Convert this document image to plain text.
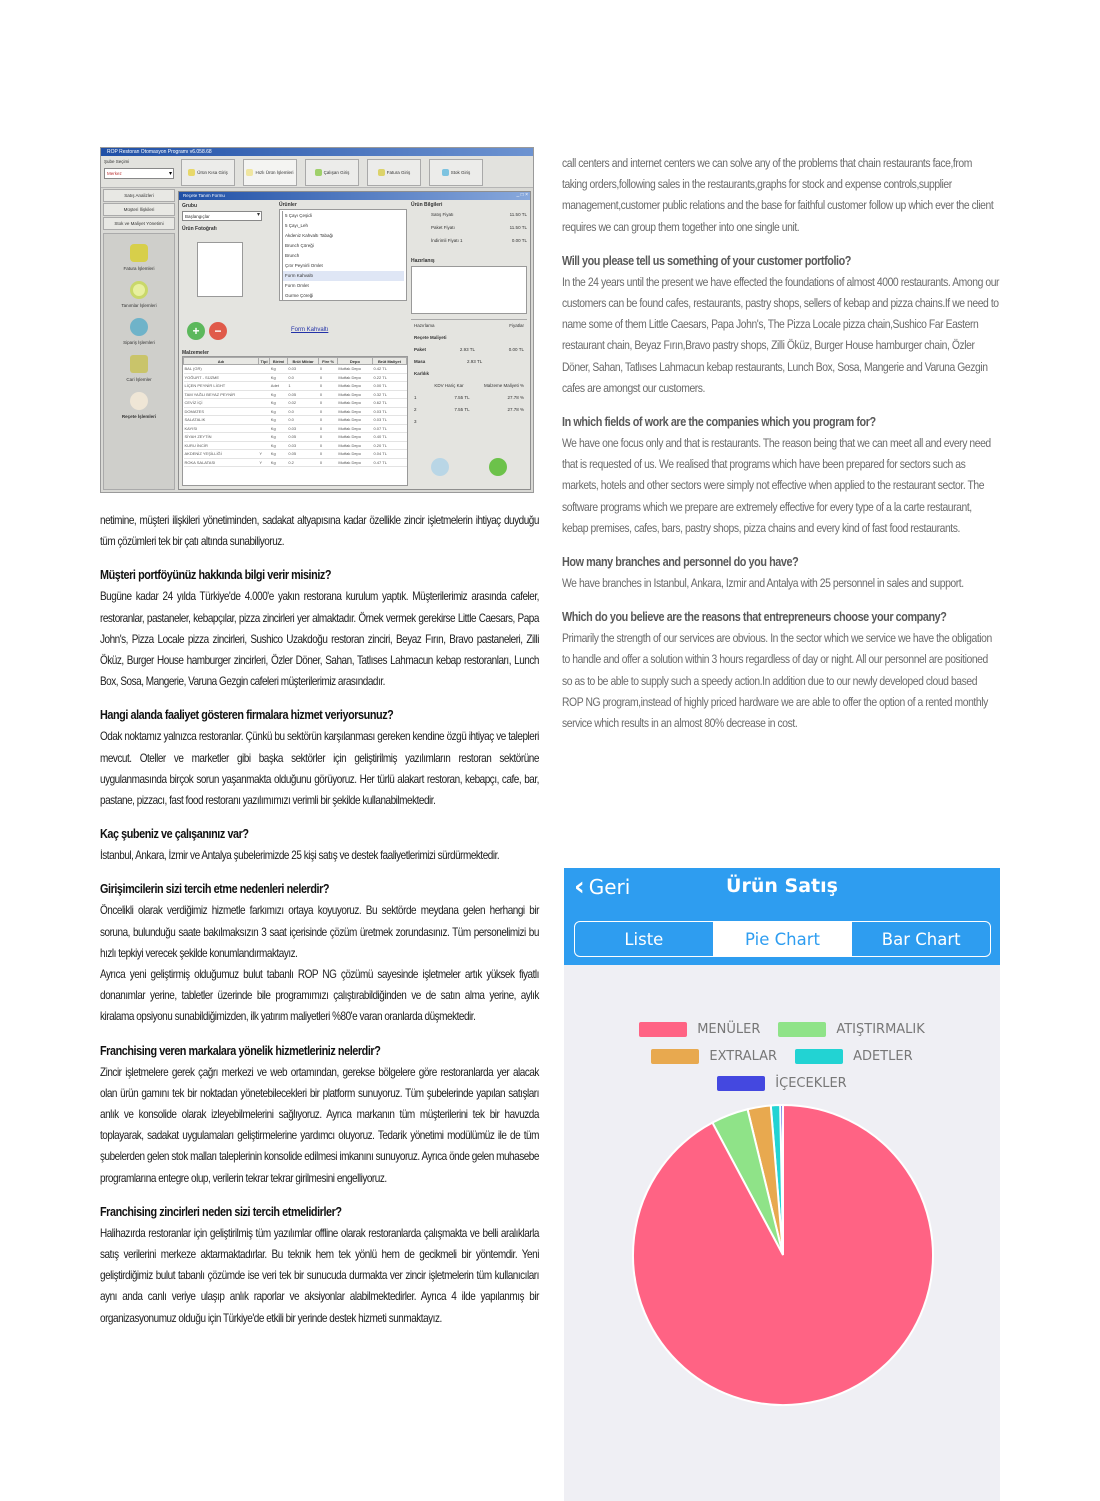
ROP Restoran Otomasyon Programı v6.058.68
Şube Seçimi
Merkez ▾	Ürün Kısa Giriş	Hızlı Ürün İşlemleri	Çalışan Giriş	Fatura Giriş	Stok Giriş
Satış Analizleri
Müşteri İlişkileri
Stok ve Maliyet Yönetimi
Fatura İşlemleri
Tanımlar İşlemleri
Sipariş İşlemleri
Cari İşlemler
Reçete İşlemleri
Reçete Tanım Formu	_ □ ×
Grubu
Başlangıçlar ▾
Ürün Fotoğrafı
Ürünler
5 Çayı Çeşidi
5 Çayı_Leh
Akdeniz Kahvaltı Tabağı
Brunch Çöreği
Brunch
Çıtır Peynirli Omlet
Form Kahvaltı
Form Omlet
Gurme Çöreği
Ürün Bilgileri
Satış Fiyatı	11.50 TL
Paket Fiyatı	11.50 TL
İndirimli Fiyatı 1	0.00 TL
Hazırlanış
+	−	Form Kahvaltı
Malzemeler
Adı	Tipi	Birimi	Brüt Miktar	Fire %	Depo	Brüt Maliyet
BAL (GR)		Kg	0.03	0	Mutfak Depo	0.42 TL
YOĞURT - SÜZME		Kg	0.0	0	Mutfak Depo	0.22 TL
LİÇEN PEYNİR LİGHT		Adet	1	0	Mutfak Depo	0.00 TL
TAM YAĞLI BEYAZ PEYNİR		Kg	0.05	0	Mutfak Depo	0.32 TL
CEVİZ İÇİ		Kg	0.02	0	Mutfak Depo	0.62 TL
DOMATES		Kg	0.0	0	Mutfak Depo	0.03 TL
SALATALIK		Kg	0.0	0	Mutfak Depo	0.03 TL
KAYISI		Kg	0.03	0	Mutfak Depo	0.07 TL
SİYAH ZEYTİN		Kg	0.05	0	Mutfak Depo	0.40 TL
KURU İNCİR		Kg	0.03	0	Mutfak Depo	0.20 TL
AKDENİZ YEŞİLLİĞİ	Y	Kg	0.05	0	Mutfak Depo	0.04 TL
ROKA SALATASI	Y	Kg	0.2	0	Mutfak Depo	0.47 TL
Hazırlama	Fiyatlar
Reçete Maliyeti
Paket	2.93 TL	0.00 TL
Masa	2.93 TL
Karlılık
KDV Hariç Kar	Malzeme Maliyeti %
1	7.55 TL	27.78 %
2	7.55 TL	27.78 %
3

netimine, müşteri ilişkileri yönetiminden, sadakat altyapısına kadar özellikle zincir işletmelerin ihtiyaç duyduğu tüm çözümleri tek bir çatı altında sunabiliyoruz.

Müşteri portföyünüz hakkında bilgi verir misiniz?

Bugüne kadar 24 yılda Türkiye'de 4.000'e yakın restorana kurulum yaptık. Müşterilerimiz arasında cafeler, restoranlar, pastaneler, kebapçılar, pizza zincirleri yer almaktadır. Örnek vermek gerekirse Little Caesars, Papa John's, Pizza Locale pizza zincirleri, Sushico Uzakdoğu restoran zinciri, Beyaz Fırın, Bravo pastaneleri, Zilli Öküz, Burger House hamburger zincirleri, Özler Döner, Sahan, Tatlıses Lahmacun kebap restoranları, Lunch Box, Sosa, Mangerie, Varuna Gezgin cafeleri müşterilerimiz arasındadır.

Hangi alanda faaliyet gösteren firmalara hizmet veriyorsunuz?

Odak noktamız yalnızca restoranlar. Çünkü bu sektörün karşılanması gereken kendine özgü ihtiyaç ve talepleri mevcut. Oteller ve marketler gibi başka sektörler için geliştirilmiş yazılımların restoran sektörüne uygulanmasında birçok sorun yaşanmakta olduğunu görüyoruz. Her türlü alakart restoran, kebapçı, cafe, bar, pastane, pizzacı, fast food restoranı yazılımımızı verimli bir şekilde kullanabilmektedir.

Kaç şubeniz ve çalışanınız var?

İstanbul, Ankara, İzmir ve Antalya şubelerimizde 25 kişi satış ve destek faaliyetlerimizi sürdürmektedir.

Girişimcilerin sizi tercih etme nedenleri nelerdir?

Öncelikli olarak verdiğimiz hizmetle farkımızı ortaya koyuyoruz. Bu sektörde meydana gelen herhangi bir soruna, bulunduğu saate bakılmaksızın 3 saat içerisinde çözüm üretmek zorundasınız. Tüm personelimizi bu hızlı tepkiyi verecek şekilde konumlandırmaktayız.

Ayrıca yeni geliştirmiş olduğumuz bulut tabanlı ROP NG çözümü sayesinde işletmeler artık yüksek fiyatlı donanımlar yerine, tabletler üzerinde bile programımızı çalıştırabildiğinden ve de satın alma yerine, aylık kiralama opsiyonu sunabildiğimizden, ilk yatırım maliyetleri %80'e varan oranlarda düşmektedir.

Franchising veren markalara yönelik hizmetleriniz nelerdir?

Zincir işletmelere gerek çağrı merkezi ve web ortamından, gerekse bölgelere göre restoranlarda yer alacak olan ürün gamını tek bir noktadan yönetebilecekleri bir platform sunuyoruz. Tüm şubelerinde yapılan satışları anlık ve konsolide olarak izleyebilmelerini sağlıyoruz. Ayrıca markanın tüm müşterilerini tek bir havuzda toplayarak, sadakat uygulamaları geliştirmelerine yardımcı oluyoruz. Tedarik yönetimi modülümüz ile de tüm şubelerden gelen stok malları taleplerinin konsolide edilmesi imkanını sunuyoruz. Ayrıca önde gelen muhasebe programlarına entegre olup, verilerin tekrar tekrar girilmesini engelliyoruz.

Franchising zincirleri neden sizi tercih etmelidirler?

Halihazırda restoranlar için geliştirilmiş tüm yazılımlar offline olarak restoranlarda çalışmakta ve belli aralıklarla satış verilerini merkeze aktarmaktadırlar. Bu teknik hem tek yönlü hem de gecikmeli bir yöntemdir. Yeni geliştirdiğimiz bulut tabanlı çözümde ise veri tek bir sunucuda durmakta ver zincir işletmelerin tüm kullanıcıları aynı anda canlı veriye ulaşıp anlık raporlar ve aksiyonlar alabilmektedirler. Ayrıca 4 ilde yapılanmış bir organizasyonumuz olduğu için Türkiye'de etkili bir yerinde destek hizmeti sunmaktayız.

call centers and internet centers we can solve any of the problems that chain restaurants face,from taking orders,following sales in the restaurants,graphs for stock and expense controls,supplier management,customer public relations and the base for faithful customer follow up which ever the client requires we can group them together into one single unit.

Will you please tell us something of your customer portfolio?

In the 24 years until the present we have effected the foundations of almost 4000 restaurants. Among our customers can be found cafes, restaurants, pastry shops, sellers of kebap and pizza chains.If we need to name some of them Little Caesars, Papa John's, The Pizza Locale pizza chain,Sushico Far Eastern restaurant chain, Beyaz Fırın,Bravo pastry shops, Zilli Öküz, Burger House hamburger chain, Özler Döner, Sahan, Tatlıses Lahmacun kebap restaurants, Lunch Box, Sosa, Mangerie and Varuna Gezgin cafes are amongst our customers.

In which fields of work are the companies which you program for?

We have one focus only and that is restaurants. The reason being that we can meet all and every need that is requested of us. We realised that programs which have been prepared for sectors such as markets, hotels and other sectors were simply not effective when applied to the restaurant sector. The software programs which we prepare are extremely effective for every type of a la carte restaurant, kebap premises, cafes, bars, pastry shops, pizza chains and every kind of fast food restaurants.

How many branches and personnel do you have?

We have branches in Istanbul, Ankara, Izmir and Antalya with 25 personnel in sales and support.

Which do you believe are the reasons that entrepreneurs choose your company?

Primarily the strength of our services are obvious. In the sector which we service we have the obligation to handle and offer a solution within 3 hours regardless of day or night. All our personnel are positioned so as to be able to supply such a speedy action.In addition due to our newly developed cloud based ROP NG program,instead of highly priced hardware we are able to offer the option of a rented monthly service which results in an almost 80% decrease in cost.

‹ Geri	Ürün Satış
Liste	Pie Chart	Bar Chart
MENÜLER	ATIŞTIRMALIK
EXTRALAR	ADETLER
İÇECEKLER
